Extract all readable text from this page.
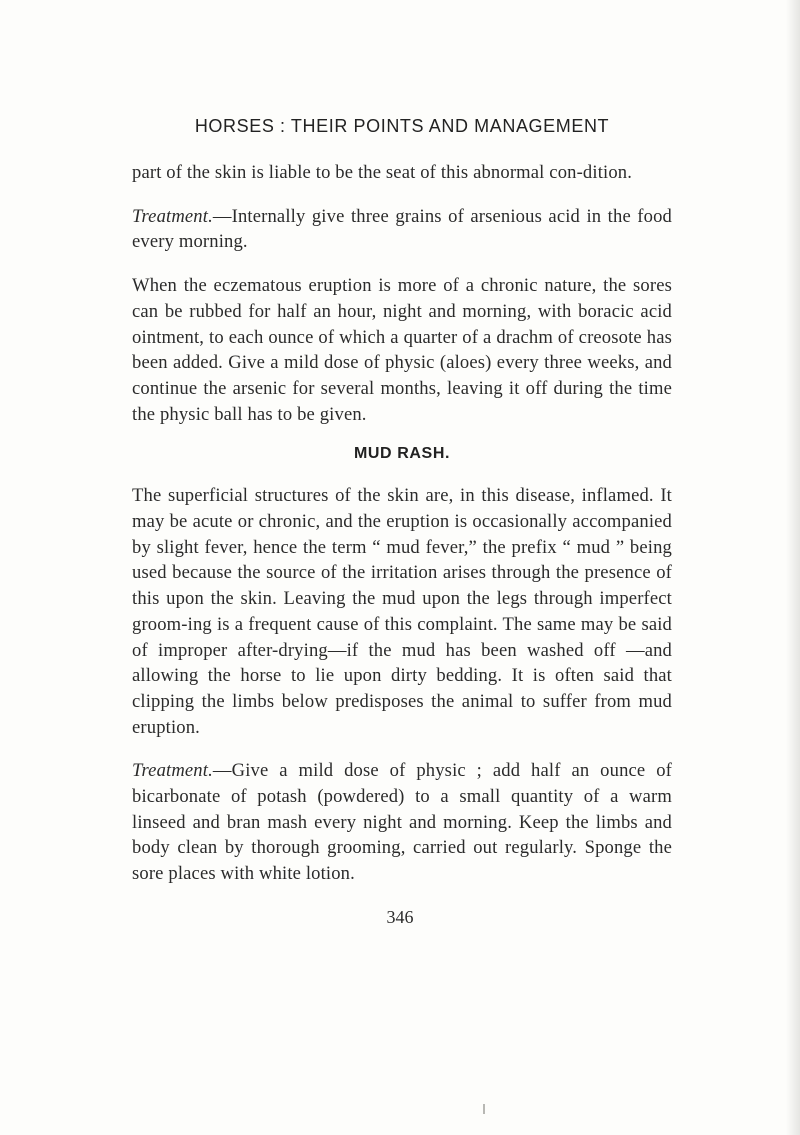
HORSES : THEIR POINTS AND MANAGEMENT

part of the skin is liable to be the seat of this abnormal con-dition.

Treatment.—Internally give three grains of arsenious acid in the food every morning.

When the eczematous eruption is more of a chronic nature, the sores can be rubbed for half an hour, night and morning, with boracic acid ointment, to each ounce of which a quarter of a drachm of creosote has been added. Give a mild dose of physic (aloes) every three weeks, and continue the arsenic for several months, leaving it off during the time the physic ball has to be given.

MUD RASH.

The superficial structures of the skin are, in this disease, inflamed. It may be acute or chronic, and the eruption is occasionally accompanied by slight fever, hence the term “ mud fever,” the prefix “ mud ” being used because the source of the irritation arises through the presence of this upon the skin. Leaving the mud upon the legs through imperfect groom-ing is a frequent cause of this complaint. The same may be said of improper after-drying—if the mud has been washed off —and allowing the horse to lie upon dirty bedding. It is often said that clipping the limbs below predisposes the animal to suffer from mud eruption.

Treatment.—Give a mild dose of physic ; add half an ounce of bicarbonate of potash (powdered) to a small quantity of a warm linseed and bran mash every night and morning. Keep the limbs and body clean by thorough grooming, carried out regularly. Sponge the sore places with white lotion.

346
